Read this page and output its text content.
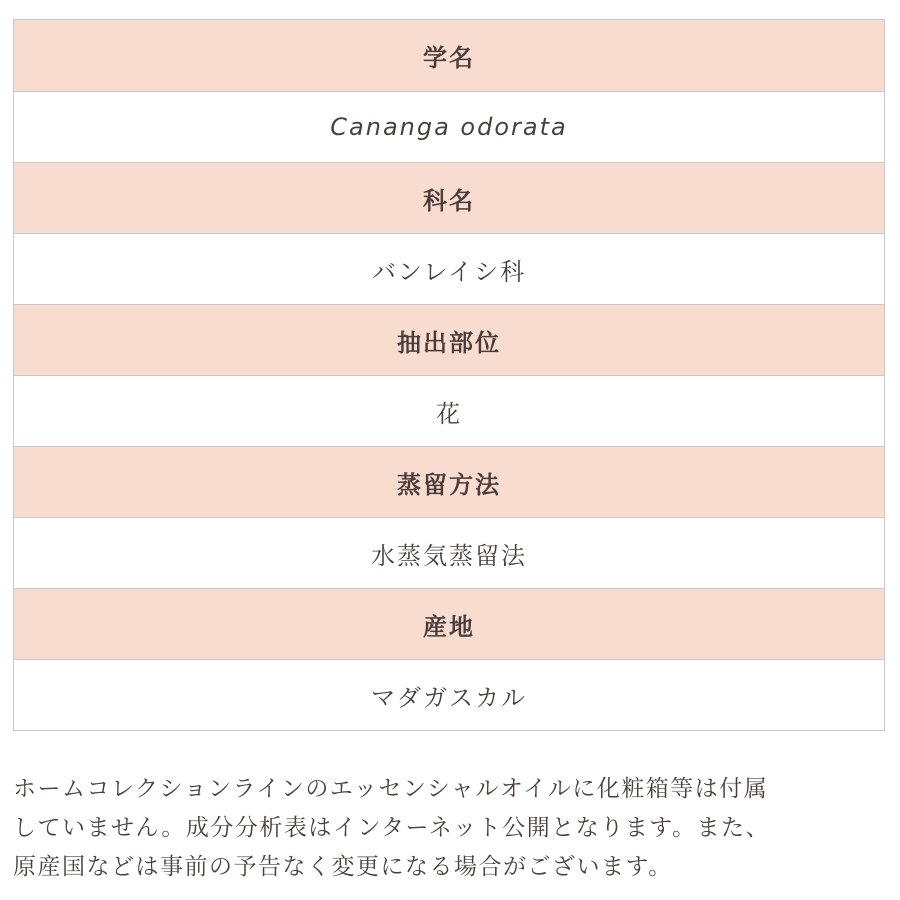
学名
Cananga odorata
科名
バンレイシ科
抽出部位
花
蒸留方法
水蒸気蒸留法
産地
マダガスカル

ホームコレクションラインのエッセンシャルオイルに化粧箱等は付属

していません。成分分析表はインターネット公開となります。また、

原産国などは事前の予告なく変更になる場合がございます。
